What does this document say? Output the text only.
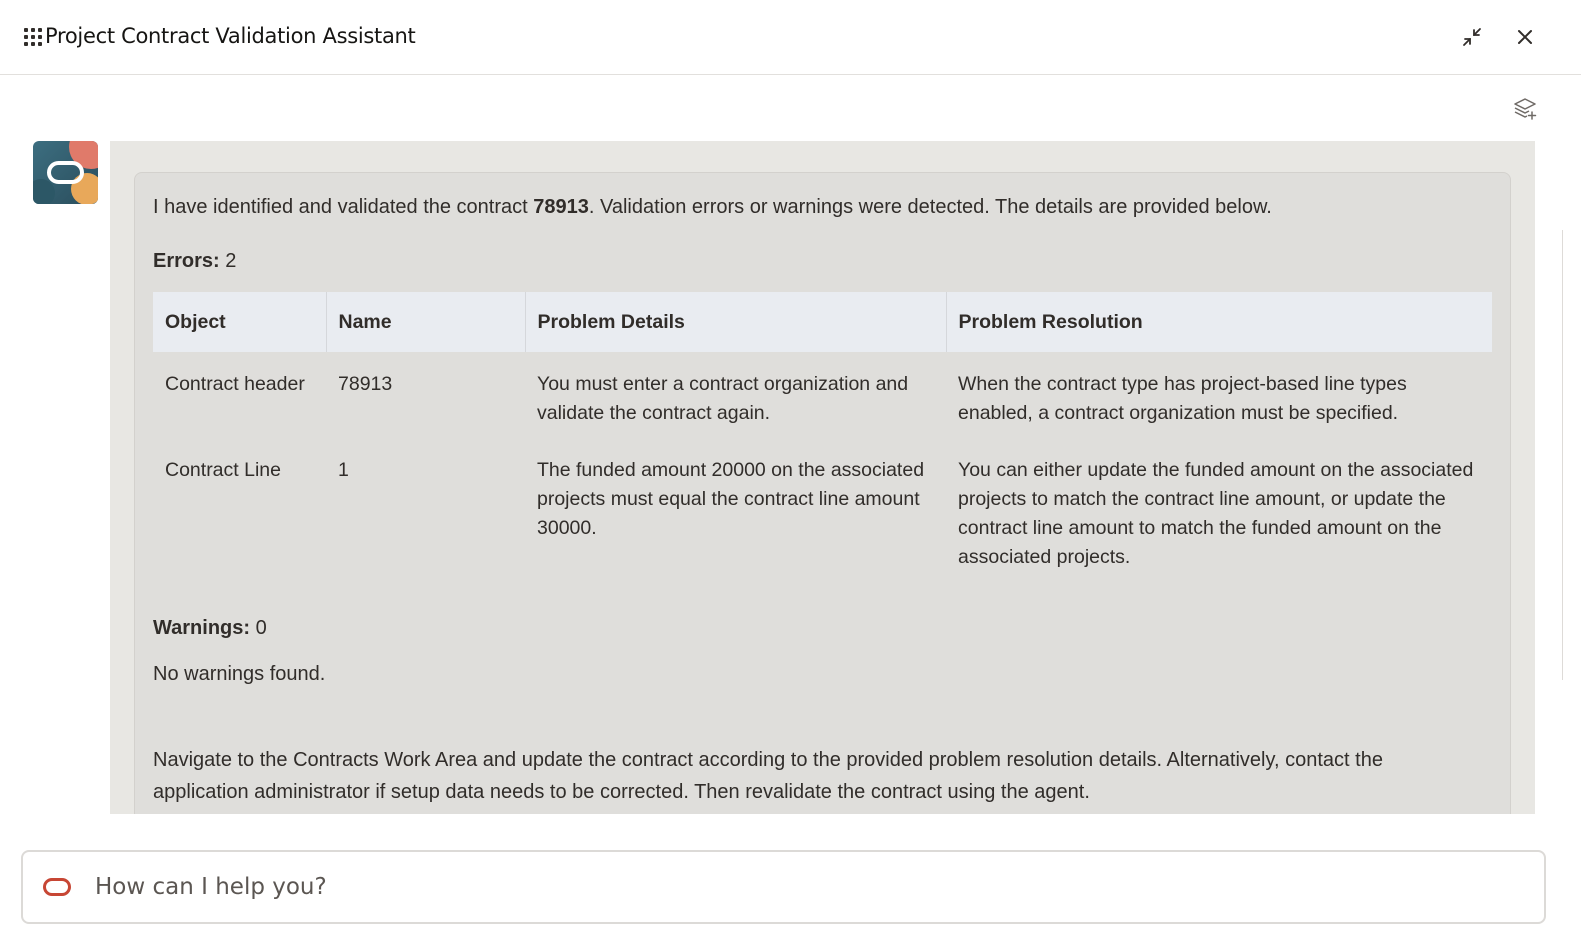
Project Contract Validation Assistant
I have identified and validated the contract 78913. Validation errors or warnings were detected. The details are provided below.
Errors: 2
Object	Name	Problem Details	Problem Resolution
Contract header	78913	You must enter a contract organization and validate the contract again.	When the contract type has project-based line types enabled, a contract organization must be specified.
Contract Line	1	The funded amount 20000 on the associated projects must equal the contract line amount 30000.	You can either update the funded amount on the associated projects to match the contract line amount, or update the contract line amount to match the funded amount on the associated projects.
Warnings: 0
No warnings found.
Navigate to the Contracts Work Area and update the contract according to the provided problem resolution details. Alternatively, contact the application administrator if setup data needs to be corrected. Then revalidate the contract using the agent.
How can I help you?
